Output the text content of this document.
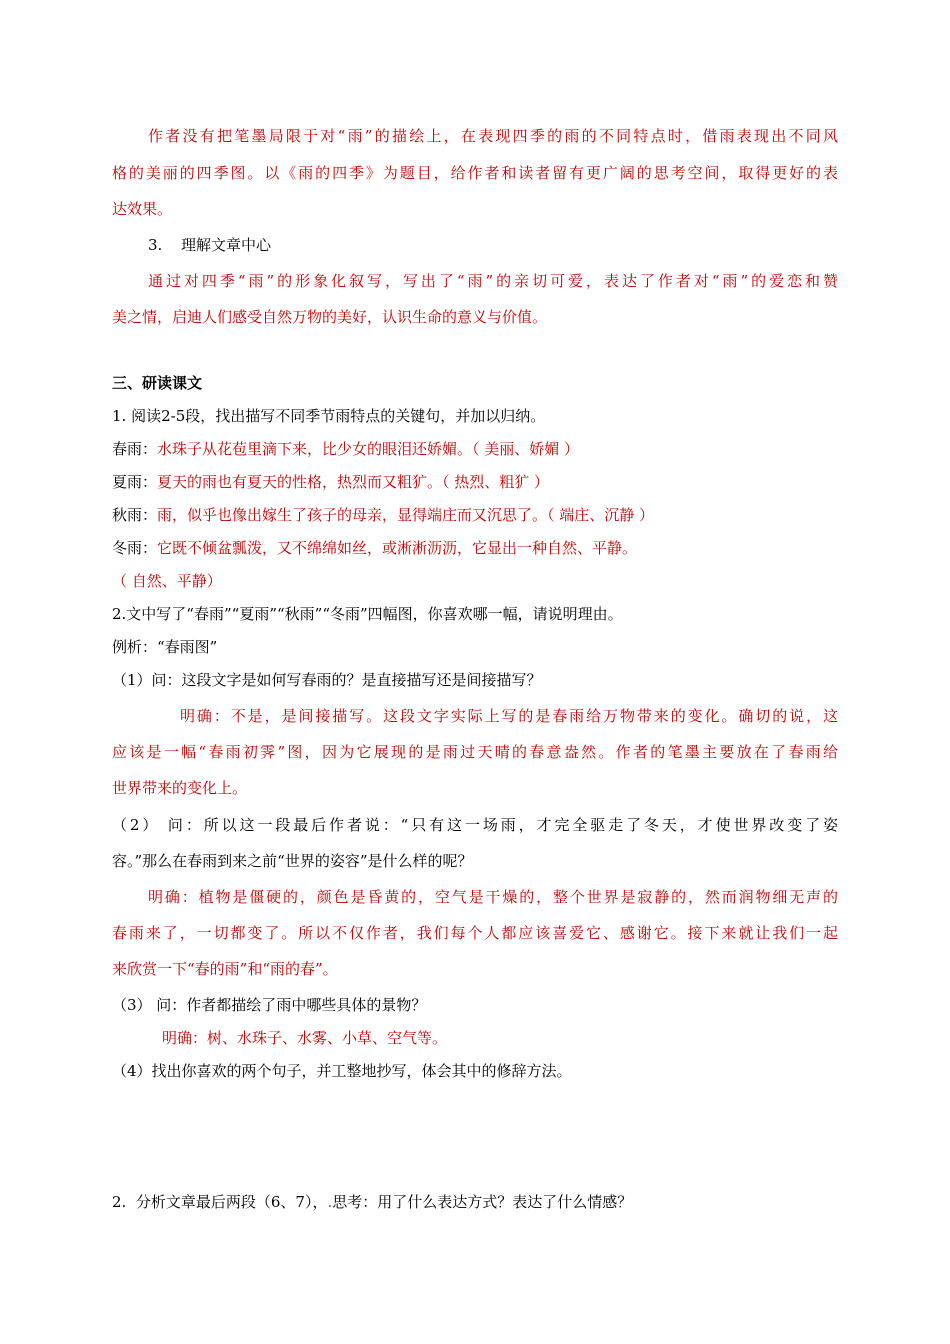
作者没有把笔墨局限于对“雨”的描绘上，在表现四季的雨的不同特点时，借雨表现出不同风
格的美丽的四季图。以《雨的四季》为题目，给作者和读者留有更广阔的思考空间，取得更好的表
达效果。
3. 理解文章中心
通过对四季“雨”的形象化叙写，写出了“雨”的亲切可爱，表达了作者对“雨”的爱恋和赞
美之情，启迪人们感受自然万物的美好，认识生命的意义与价值。
三、研读课文
1. 阅读2-5段，找出描写不同季节雨特点的关键句，并加以归纳。
春雨：水珠子从花苞里滴下来，比少女的眼泪还娇媚。（ 美丽、娇媚 ）
夏雨：夏天的雨也有夏天的性格，热烈而又粗犷。（ 热烈、粗犷 ）
秋雨：雨，似乎也像出嫁生了孩子的母亲，显得端庄而又沉思了。（ 端庄、沉静 ）
冬雨：它既不倾盆瓢泼，又不绵绵如丝，或淅淅沥沥，它显出一种自然、平静。
（ 自然、平静）
2.文中写了“春雨”“夏雨”“秋雨”“冬雨”四幅图，你喜欢哪一幅，请说明理由。
例析：“春雨图”
（1）问：这段文字是如何写春雨的？是直接描写还是间接描写？
明确：不是，是间接描写。这段文字实际上写的是春雨给万物带来的变化。确切的说，这
应该是一幅“春雨初霁”图，因为它展现的是雨过天晴的春意盎然。作者的笔墨主要放在了春雨给
世界带来的变化上。
（2） 问：所以这一段最后作者说：“只有这一场雨，才完全驱走了冬天，才使世界改变了姿
容。”那么在春雨到来之前“世界的姿容”是什么样的呢？
明确：植物是僵硬的，颜色是昏黄的，空气是干燥的，整个世界是寂静的，然而润物细无声的
春雨来了，一切都变了。所以不仅作者，我们每个人都应该喜爱它、感谢它。接下来就让我们一起
来欣赏一下“春的雨”和“雨的春”。
（3） 问：作者都描绘了雨中哪些具体的景物？
明确：树、水珠子、水雾、小草、空气等。
（4）找出你喜欢的两个句子，并工整地抄写，体会其中的修辞方法。
2. 分析文章最后两段（6、7），.思考：用了什么表达方式？表达了什么情感？
